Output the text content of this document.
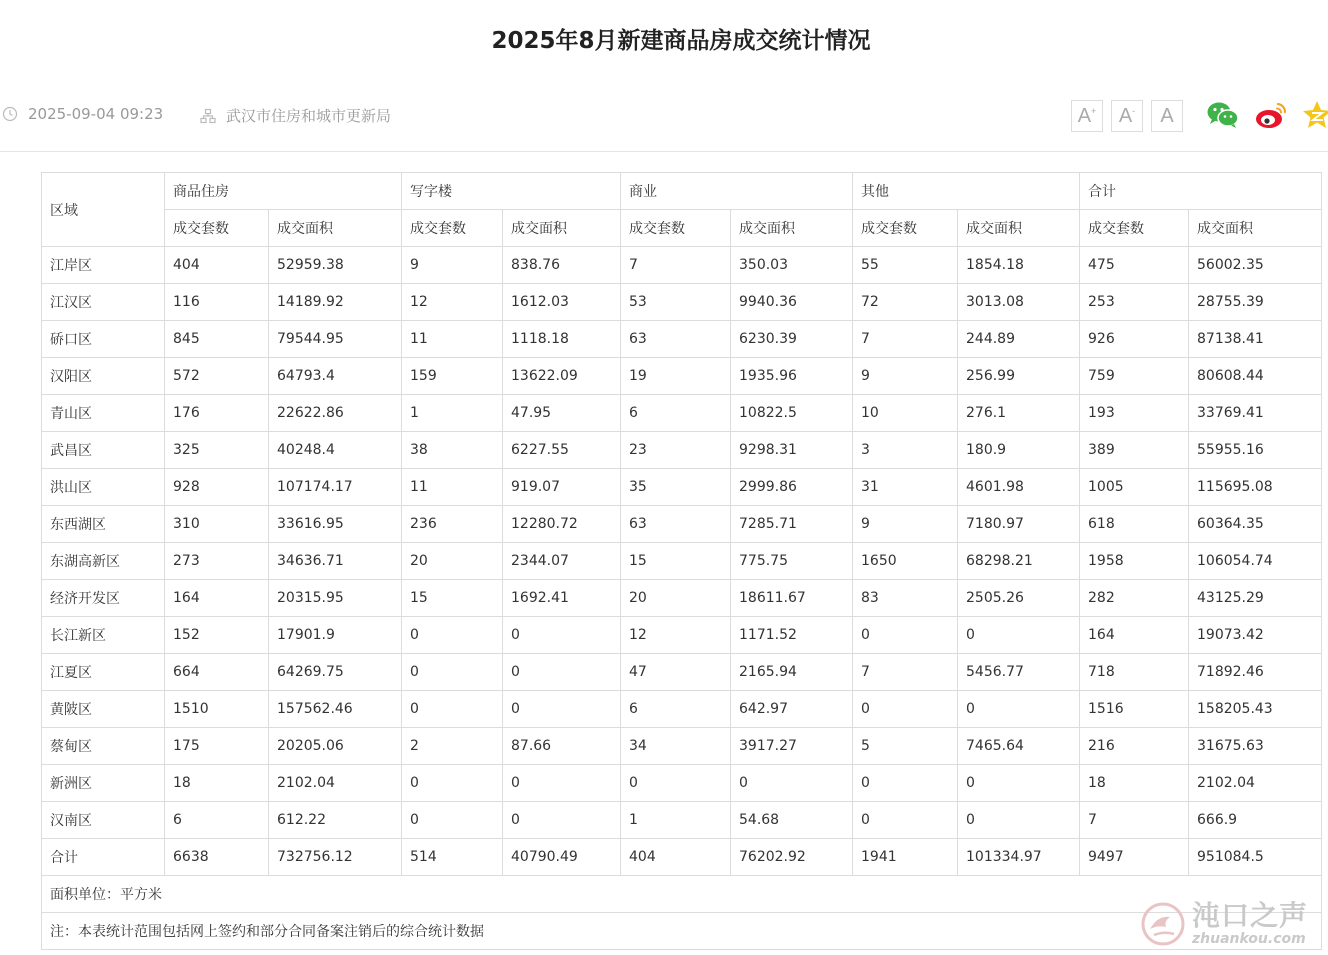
2025年8月新建商品房成交统计情况
2025-09-04 09:23	武汉市住房和城市更新局	A+ A- A
区域	商品住房		写字楼		商业		其他		合计	
	成交套数	成交面积	成交套数	成交面积	成交套数	成交面积	成交套数	成交面积	成交套数	成交面积
江岸区	404	52959.38	9	838.76	7	350.03	55	1854.18	475	56002.35
江汉区	116	14189.92	12	1612.03	53	9940.36	72	3013.08	253	28755.39
硚口区	845	79544.95	11	1118.18	63	6230.39	7	244.89	926	87138.41
汉阳区	572	64793.4	159	13622.09	19	1935.96	9	256.99	759	80608.44
青山区	176	22622.86	1	47.95	6	10822.5	10	276.1	193	33769.41
武昌区	325	40248.4	38	6227.55	23	9298.31	3	180.9	389	55955.16
洪山区	928	107174.17	11	919.07	35	2999.86	31	4601.98	1005	115695.08
东西湖区	310	33616.95	236	12280.72	63	7285.71	9	7180.97	618	60364.35
东湖高新区	273	34636.71	20	2344.07	15	775.75	1650	68298.21	1958	106054.74
经济开发区	164	20315.95	15	1692.41	20	18611.67	83	2505.26	282	43125.29
长江新区	152	17901.9	0	0	12	1171.52	0	0	164	19073.42
江夏区	664	64269.75	0	0	47	2165.94	7	5456.77	718	71892.46
黄陂区	1510	157562.46	0	0	6	642.97	0	0	1516	158205.43
蔡甸区	175	20205.06	2	87.66	34	3917.27	5	7465.64	216	31675.63
新洲区	18	2102.04	0	0	0	0	0	0	18	2102.04
汉南区	6	612.22	0	0	1	54.68	0	0	7	666.9
合计	6638	732756.12	514	40790.49	404	76202.92	1941	101334.97	9497	951084.5
面积单位：平方米										
注：本表统计范围包括网上签约和部分合同备案注销后的综合统计数据											沌口之声
zhuankou.com
